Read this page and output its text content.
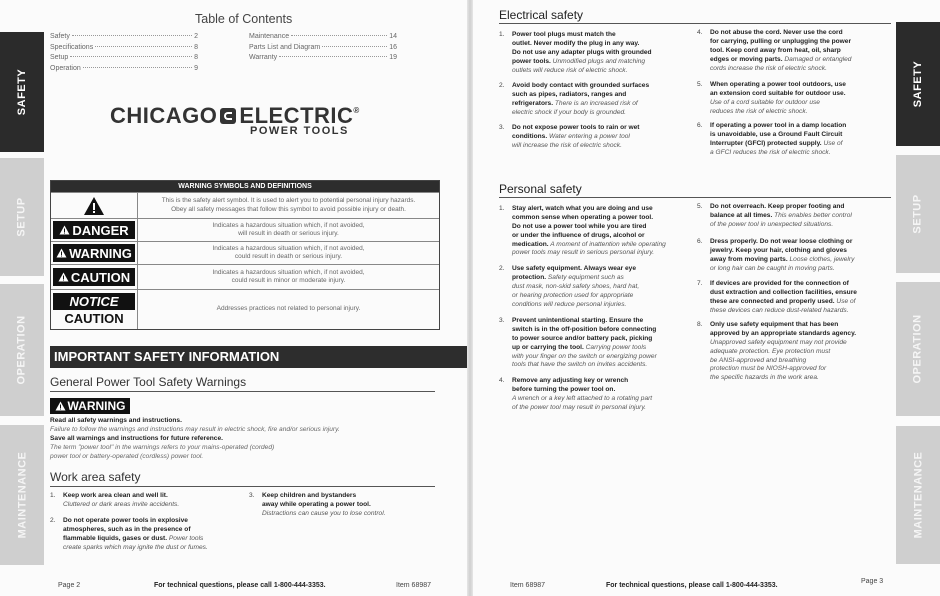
SAFETY
SETUP
OPERATION
MAINTENANCE
Table of Contents
Safety	2
Specifications	8
Setup	8
Operation	9
Maintenance	14
Parts List and Diagram	16
Warranty	19
CHICAGO ELECTRIC®
POWER TOOLS
WARNING SYMBOLS AND DEFINITIONS
This is the safety alert symbol. It is used to alert you to potential personal injury hazards.
Obey all safety messages that follow this symbol to avoid possible injury or death.
DANGER	Indicates a hazardous situation which, if not avoided,
will result in death or serious injury.
WARNING	Indicates a hazardous situation which, if not avoided,
could result in death or serious injury.
CAUTION	Indicates a hazardous situation which, if not avoided,
could result in minor or moderate injury.
NOTICE
CAUTION
Addresses practices not related to personal injury.
IMPORTANT SAFETY INFORMATION
General Power Tool Safety Warnings
WARNING
Read all safety warnings and instructions.
Failure to follow the warnings and instructions may result in electric shock, fire and/or serious injury.
Save all warnings and instructions for future reference.
The term "power tool" in the warnings refers to your mains-operated (corded)
power tool or battery-operated (cordless) power tool.
Work area safety
1. Keep work area clean and well lit.
Cluttered or dark areas invite accidents.
2. Do not operate power tools in explosive
atmospheres, such as in the presence of
flammable liquids, gases or dust. Power tools
create sparks which may ignite the dust or fumes.
3. Keep children and bystanders
away while operating a power tool.
Distractions can cause you to lose control.
Page 2	For technical questions, please call 1-800-444-3353.	Item 68987
SAFETY
SETUP
OPERATION
MAINTENANCE
Electrical safety
1. Power tool plugs must match the
outlet. Never modify the plug in any way.
Do not use any adapter plugs with grounded
power tools. Unmodified plugs and matching
outlets will reduce risk of electric shock.
2. Avoid body contact with grounded surfaces
such as pipes, radiators, ranges and
refrigerators. There is an increased risk of
electric shock if your body is grounded.
3. Do not expose power tools to rain or wet
conditions. Water entering a power tool
will increase the risk of electric shock.
4. Do not abuse the cord. Never use the cord
for carrying, pulling or unplugging the power
tool. Keep cord away from heat, oil, sharp
edges or moving parts. Damaged or entangled
cords increase the risk of electric shock.
5. When operating a power tool outdoors, use
an extension cord suitable for outdoor use.
Use of a cord suitable for outdoor use
reduces the risk of electric shock.
6. If operating a power tool in a damp location
is unavoidable, use a Ground Fault Circuit
Interrupter (GFCI) protected supply. Use of
a GFCI reduces the risk of electric shock.
Personal safety
1. Stay alert, watch what you are doing and use
common sense when operating a power tool.
Do not use a power tool while you are tired
or under the influence of drugs, alcohol or
medication. A moment of inattention while operating
power tools may result in serious personal injury.
2. Use safety equipment. Always wear eye
protection. Safety equipment such as
dust mask, non-skid safety shoes, hard hat,
or hearing protection used for appropriate
conditions will reduce personal injuries.
3. Prevent unintentional starting. Ensure the
switch is in the off-position before connecting
to power source and/or battery pack, picking
up or carrying the tool. Carrying power tools
with your finger on the switch or energizing power
tools that have the switch on invites accidents.
4. Remove any adjusting key or wrench
before turning the power tool on.
A wrench or a key left attached to a rotating part
of the power tool may result in personal injury.
5. Do not overreach. Keep proper footing and
balance at all times. This enables better control
of the power tool in unexpected situations.
6. Dress properly. Do not wear loose clothing or
jewelry. Keep your hair, clothing and gloves
away from moving parts. Loose clothes, jewelry
or long hair can be caught in moving parts.
7. If devices are provided for the connection of
dust extraction and collection facilities, ensure
these are connected and properly used. Use of
these devices can reduce dust-related hazards.
8. Only use safety equipment that has been
approved by an appropriate standards agency.
Unapproved safety equipment may not provide
adequate protection. Eye protection must
be ANSI-approved and breathing
protection must be NIOSH-approved for
the specific hazards in the work area.
Item 68987	For technical questions, please call 1-800-444-3353.
Page 3
